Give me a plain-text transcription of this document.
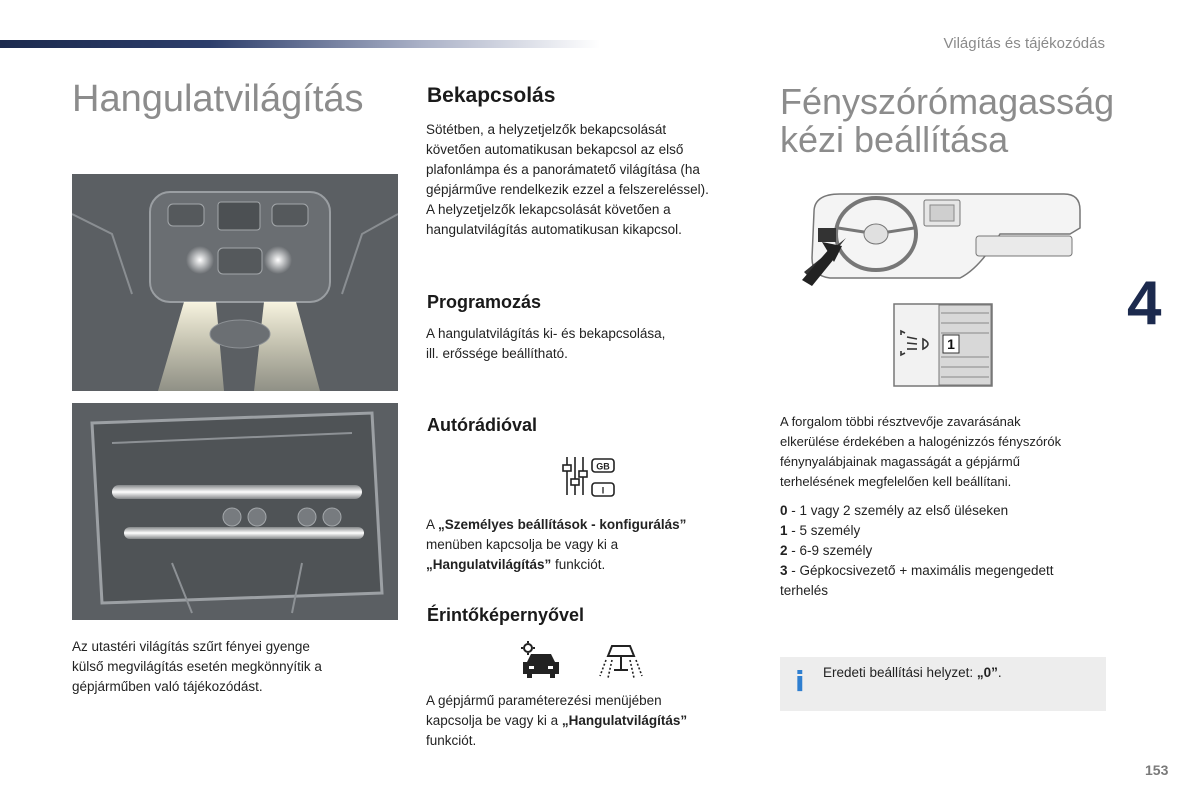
Világítás és tájékozódás
Hangulatvilágítás
Az utastéri világítás szűrt fényei gyenge
külső megvilágítás esetén megkönnyítik a
gépjárműben való tájékozódást.
Bekapcsolás
Sötétben, a helyzetjelzők bekapcsolását
követően automatikusan bekapcsol az első
plafonlámpa és a panorámatető világítása (ha
gépjárműve rendelkezik ezzel a felszereléssel).
A helyzetjelzők lekapcsolását követően a
hangulatvilágítás automatikusan kikapcsol.
Programozás
A hangulatvilágítás ki- és bekapcsolása,
ill. erőssége beállítható.
Autórádióval
GB
I
A „Személyes beállítások - konfigurálás”
menüben kapcsolja be vagy ki a
„Hangulatvilágítás” funkciót.
Érintőképernyővel
A gépjármű paraméterezési menüjében
kapcsolja be vagy ki a „Hangulatvilágítás”
funkciót.
Fényszórómagasság
kézi beállítása
1
A forgalom többi résztvevője zavarásának
elkerülése érdekében a halogénizzós fényszórók
fénynyalábjainak magasságát a gépjármű
terhelésének megfelelően kell beállítani.
0 - 1 vagy 2 személy az első üléseken
1 - 5 személy
2 - 6-9 személy
3 - Gépkocsivezető + maximális megengedett
terhelés
i Eredeti beállítási helyzet: „0”.
4
153
